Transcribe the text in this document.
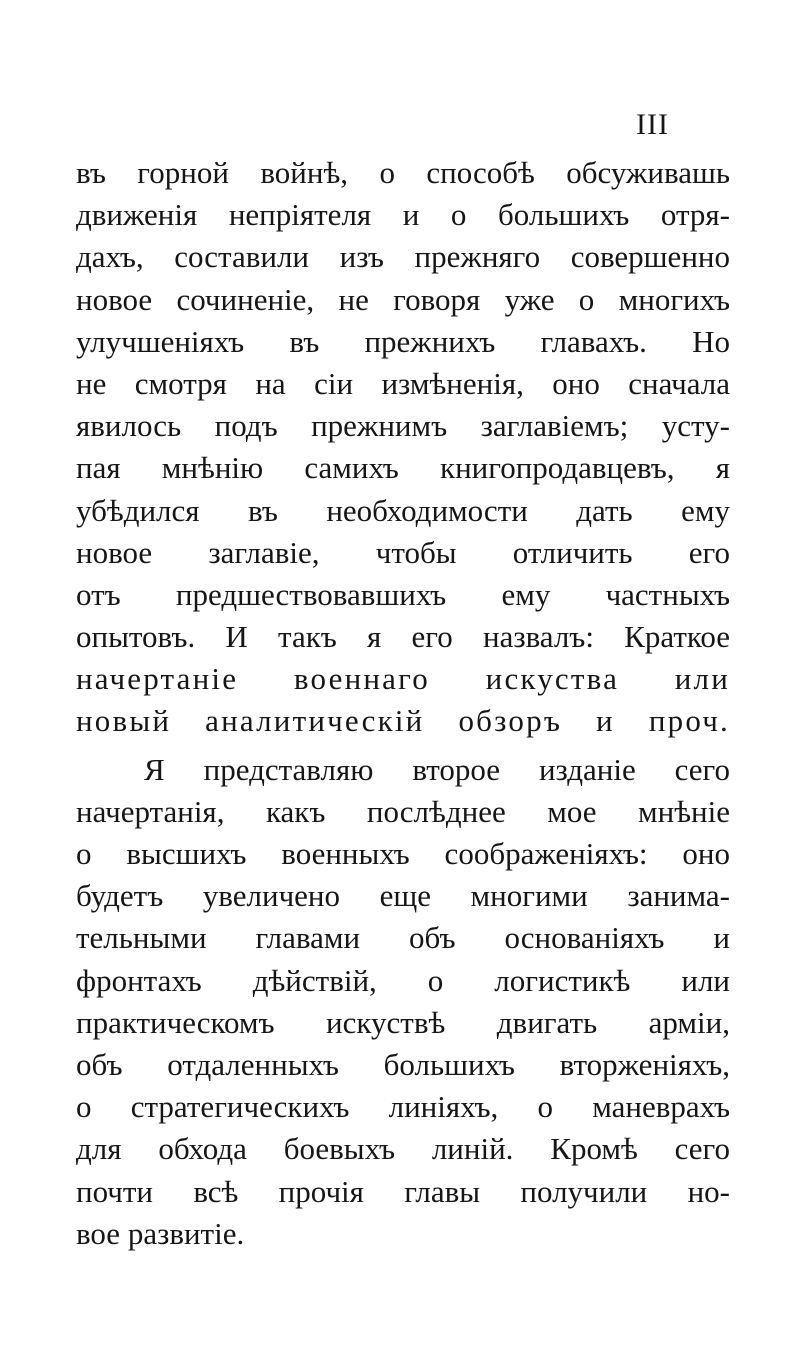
III
въ горной войнѣ, о способѣ обсуживашь
движенія непріятеля и о большихъ отря-
дахъ, составили изъ прежняго совершенно
новое сочиненіе, не говоря уже о многихъ
улучшеніяхъ въ прежнихъ главахъ. Но
не смотря на сіи измѣненія, оно сначала
явилось подъ прежнимъ заглавіемъ; усту-
пая мнѣнію самихъ книгопродавцевъ, я
убѣдился въ необходимости дать ему
новое заглавіе, чтобы отличить его
отъ предшествовавшихъ ему частныхъ
опытовъ. И такъ я его назвалъ: Краткое
начертаніе военнаго искуства или
новый аналитическій обзоръ и проч.
Я представляю второе изданіе сего
начертанія, какъ послѣднее мое мнѣніе
о высшихъ военныхъ соображеніяхъ: оно
будетъ увеличено еще многими занима-
тельными главами объ основаніяхъ и
фронтахъ дѣйствій, о логистикѣ или
практическомъ искуствѣ двигать арміи,
объ отдаленныхъ большихъ вторженіяхъ,
о стратегическихъ линіяхъ, о маневрахъ
для обхода боевыхъ линій. Кромѣ сего
почти всѣ прочія главы получили но-
вое развитіе.
